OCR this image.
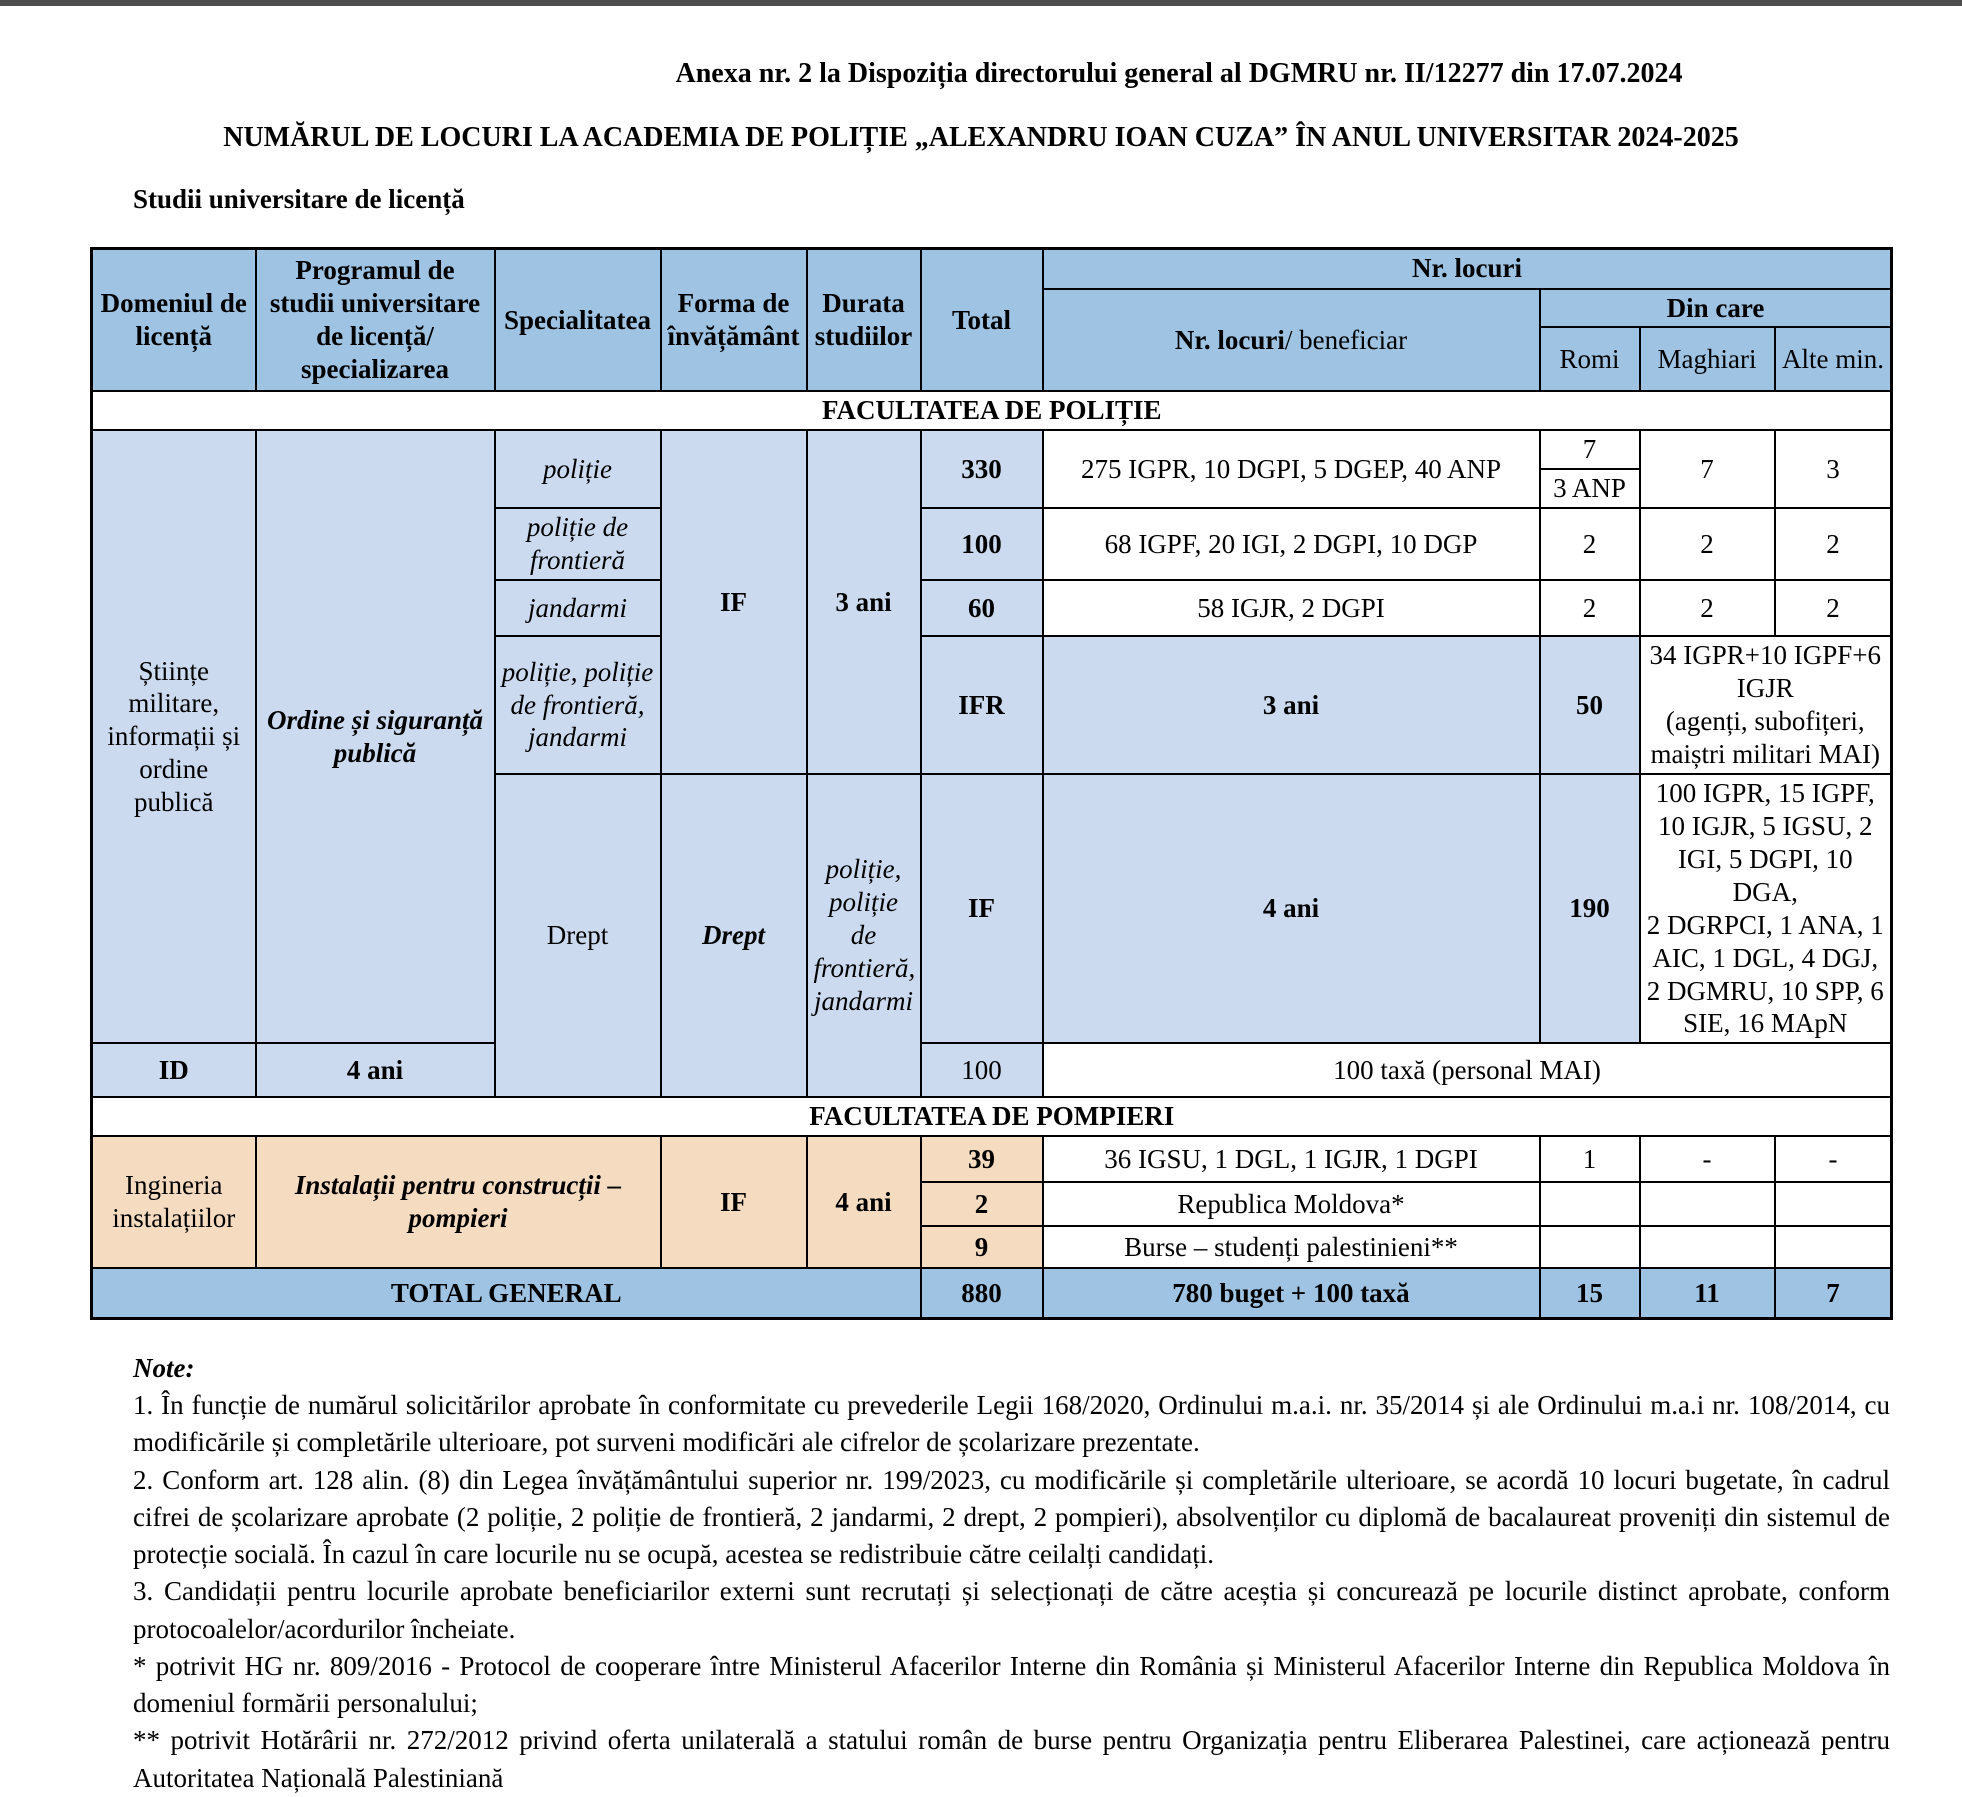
Anexa nr. 2 la Dispoziția directorului general al DGMRU nr. II/12277 din 17.07.2024
NUMĂRUL DE LOCURI LA ACADEMIA DE POLIȚIE „ALEXANDRU IOAN CUZA” ÎN ANUL UNIVERSITAR 2024-2025
Studii universitare de licență
Domeniul de licență	Programul de studii universitare de licență/ specializarea	Specialitatea	Forma de învățământ	Durata studiilor	Total	Nr. locuri			
						Nr. locuri/ beneficiar	Din care		
							Romi	Maghiari	Alte min.
FACULTATEA DE POLIȚIE									
Științe militare, informații și ordine publică	Ordine și siguranță publică	poliție	IF	3 ani	330	275 IGPR, 10 DGPI, 5 DGEP, 40 ANP	7	7	3
							3 ANP		
		poliție de frontieră			100	68 IGPF, 20 IGI, 2 DGPI, 10 DGP	2	2	2
		jandarmi			60	58 IGJR, 2 DGPI	2	2	2
		poliție, poliție de frontieră, jandarmi			IFR	3 ani	50	34 IGPR+10 IGPF+6 IGJR
(agenți, subofițeri, maiștri militari MAI)	

		Drept	Drept	poliție, poliție de frontieră, jandarmi	IF	4 ani	190	100 IGPR, 15 IGPF, 10 IGJR, 5 IGSU, 2 IGI, 5 DGPI, 10 DGA,
2 DGRPCI, 1 ANA, 1 AIC, 1 DGL, 4 DGJ, 2 DGMRU, 10 SPP, 6 SIE, 16 MApN	

ID	4 ani				100	100 taxă (personal MAI)			
FACULTATEA DE POMPIERI									
Ingineria instalațiilor	Instalații pentru construcții – pompieri		IF	4 ani	39	36 IGSU, 1 DGL, 1 IGJR, 1 DGPI	1	-	-
					2	Republica Moldova*			
					9	Burse – studenți palestinieni**			
TOTAL GENERAL					880	780 buget + 100 taxă	15	11	7
Note:

1. În funcție de numărul solicitărilor aprobate în conformitate cu prevederile Legii 168/2020, Ordinului m.a.i. nr. 35/2014 și ale Ordinului m.a.i nr. 108/2014, cu modificările și completările ulterioare, pot surveni modificări ale cifrelor de școlarizare prezentate.

2. Conform art. 128 alin. (8) din Legea învățământului superior nr. 199/2023, cu modificările și completările ulterioare, se acordă 10 locuri bugetate, în cadrul cifrei de școlarizare aprobate (2 poliție, 2 poliție de frontieră, 2 jandarmi, 2 drept, 2 pompieri), absolvenților cu diplomă de bacalaureat proveniți din sistemul de protecție socială. În cazul în care locurile nu se ocupă, acestea se redistribuie către ceilalți candidați.

3. Candidații pentru locurile aprobate beneficiarilor externi sunt recrutați și selecționați de către aceștia și concurează pe locurile distinct aprobate, conform protocoalelor/acordurilor încheiate.

* potrivit HG nr. 809/2016 - Protocol de cooperare între Ministerul Afacerilor Interne din România și Ministerul Afacerilor Interne din Republica Moldova în domeniul formării personalului;

** potrivit Hotărârii nr. 272/2012 privind oferta unilaterală a statului român de burse pentru Organizația pentru Eliberarea Palestinei, care acționează pentru Autoritatea Națională Palestiniană
